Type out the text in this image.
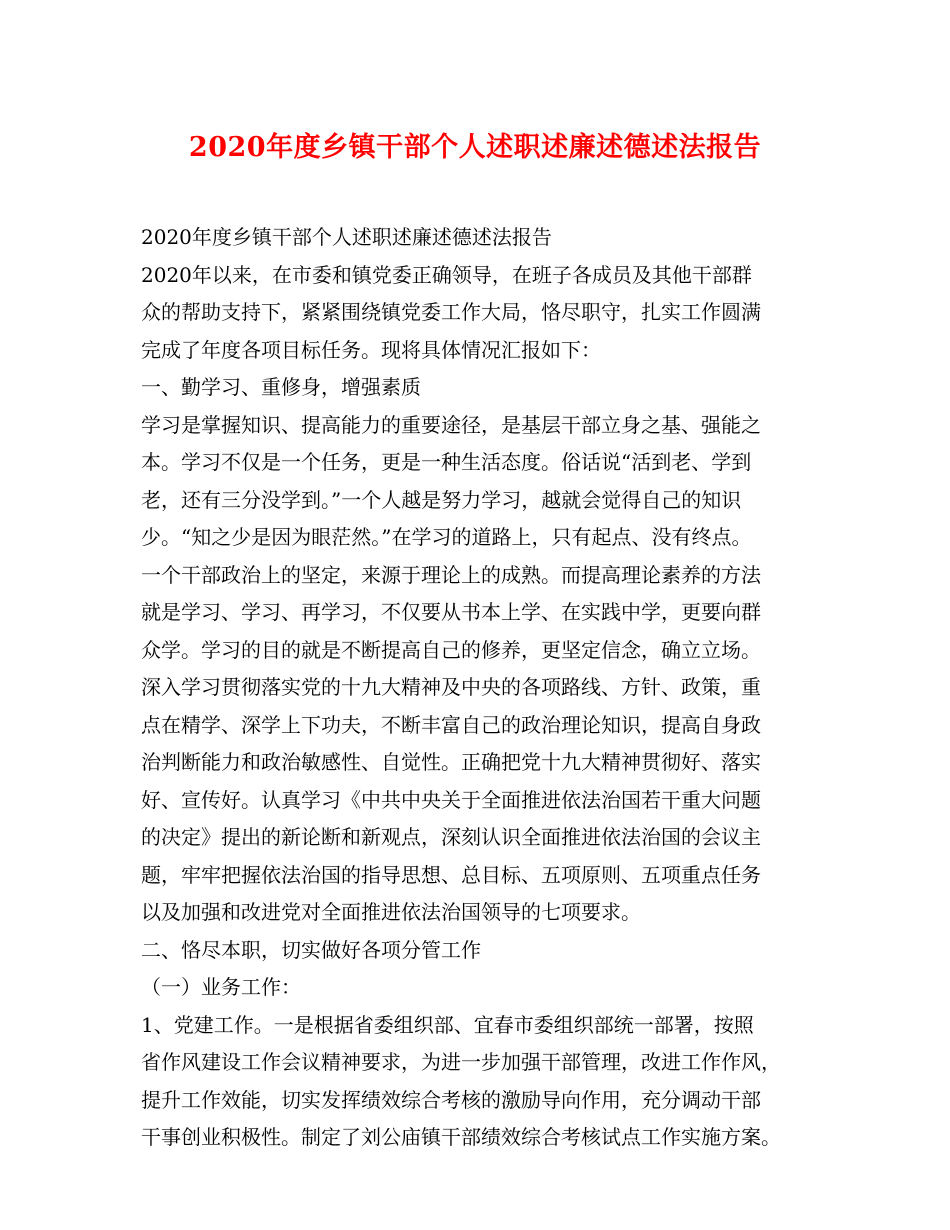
2020年度乡镇干部个人述职述廉述德述法报告
2020年度乡镇干部个人述职述廉述德述法报告
2020年以来，在市委和镇党委正确领导，在班子各成员及其他干部群
众的帮助支持下，紧紧围绕镇党委工作大局，恪尽职守，扎实工作圆满
完成了年度各项目标任务。现将具体情况汇报如下：
一、勤学习、重修身，增强素质
学习是掌握知识、提高能力的重要途径，是基层干部立身之基、强能之
本。学习不仅是一个任务，更是一种生活态度。俗话说“活到老、学到
老，还有三分没学到。”一个人越是努力学习，越就会觉得自己的知识
少。“知之少是因为眼茫然。”在学习的道路上，只有起点、没有终点。
一个干部政治上的坚定，来源于理论上的成熟。而提高理论素养的方法
就是学习、学习、再学习，不仅要从书本上学、在实践中学，更要向群
众学。学习的目的就是不断提高自己的修养，更坚定信念，确立立场。
深入学习贯彻落实党的十九大精神及中央的各项路线、方针、政策，重
点在精学、深学上下功夫，不断丰富自己的政治理论知识，提高自身政
治判断能力和政治敏感性、自觉性。正确把党十九大精神贯彻好、落实
好、宣传好。认真学习《中共中央关于全面推进依法治国若干重大问题
的决定》提出的新论断和新观点，深刻认识全面推进依法治国的会议主
题，牢牢把握依法治国的指导思想、总目标、五项原则、五项重点任务
以及加强和改进党对全面推进依法治国领导的七项要求。
二、恪尽本职，切实做好各项分管工作
（一）业务工作：
1、党建工作。一是根据省委组织部、宜春市委组织部统一部署，按照
省作风建设工作会议精神要求，为进一步加强干部管理，改进工作作风，
提升工作效能，切实发挥绩效综合考核的激励导向作用，充分调动干部
干事创业积极性。制定了刘公庙镇干部绩效综合考核试点工作实施方案。
